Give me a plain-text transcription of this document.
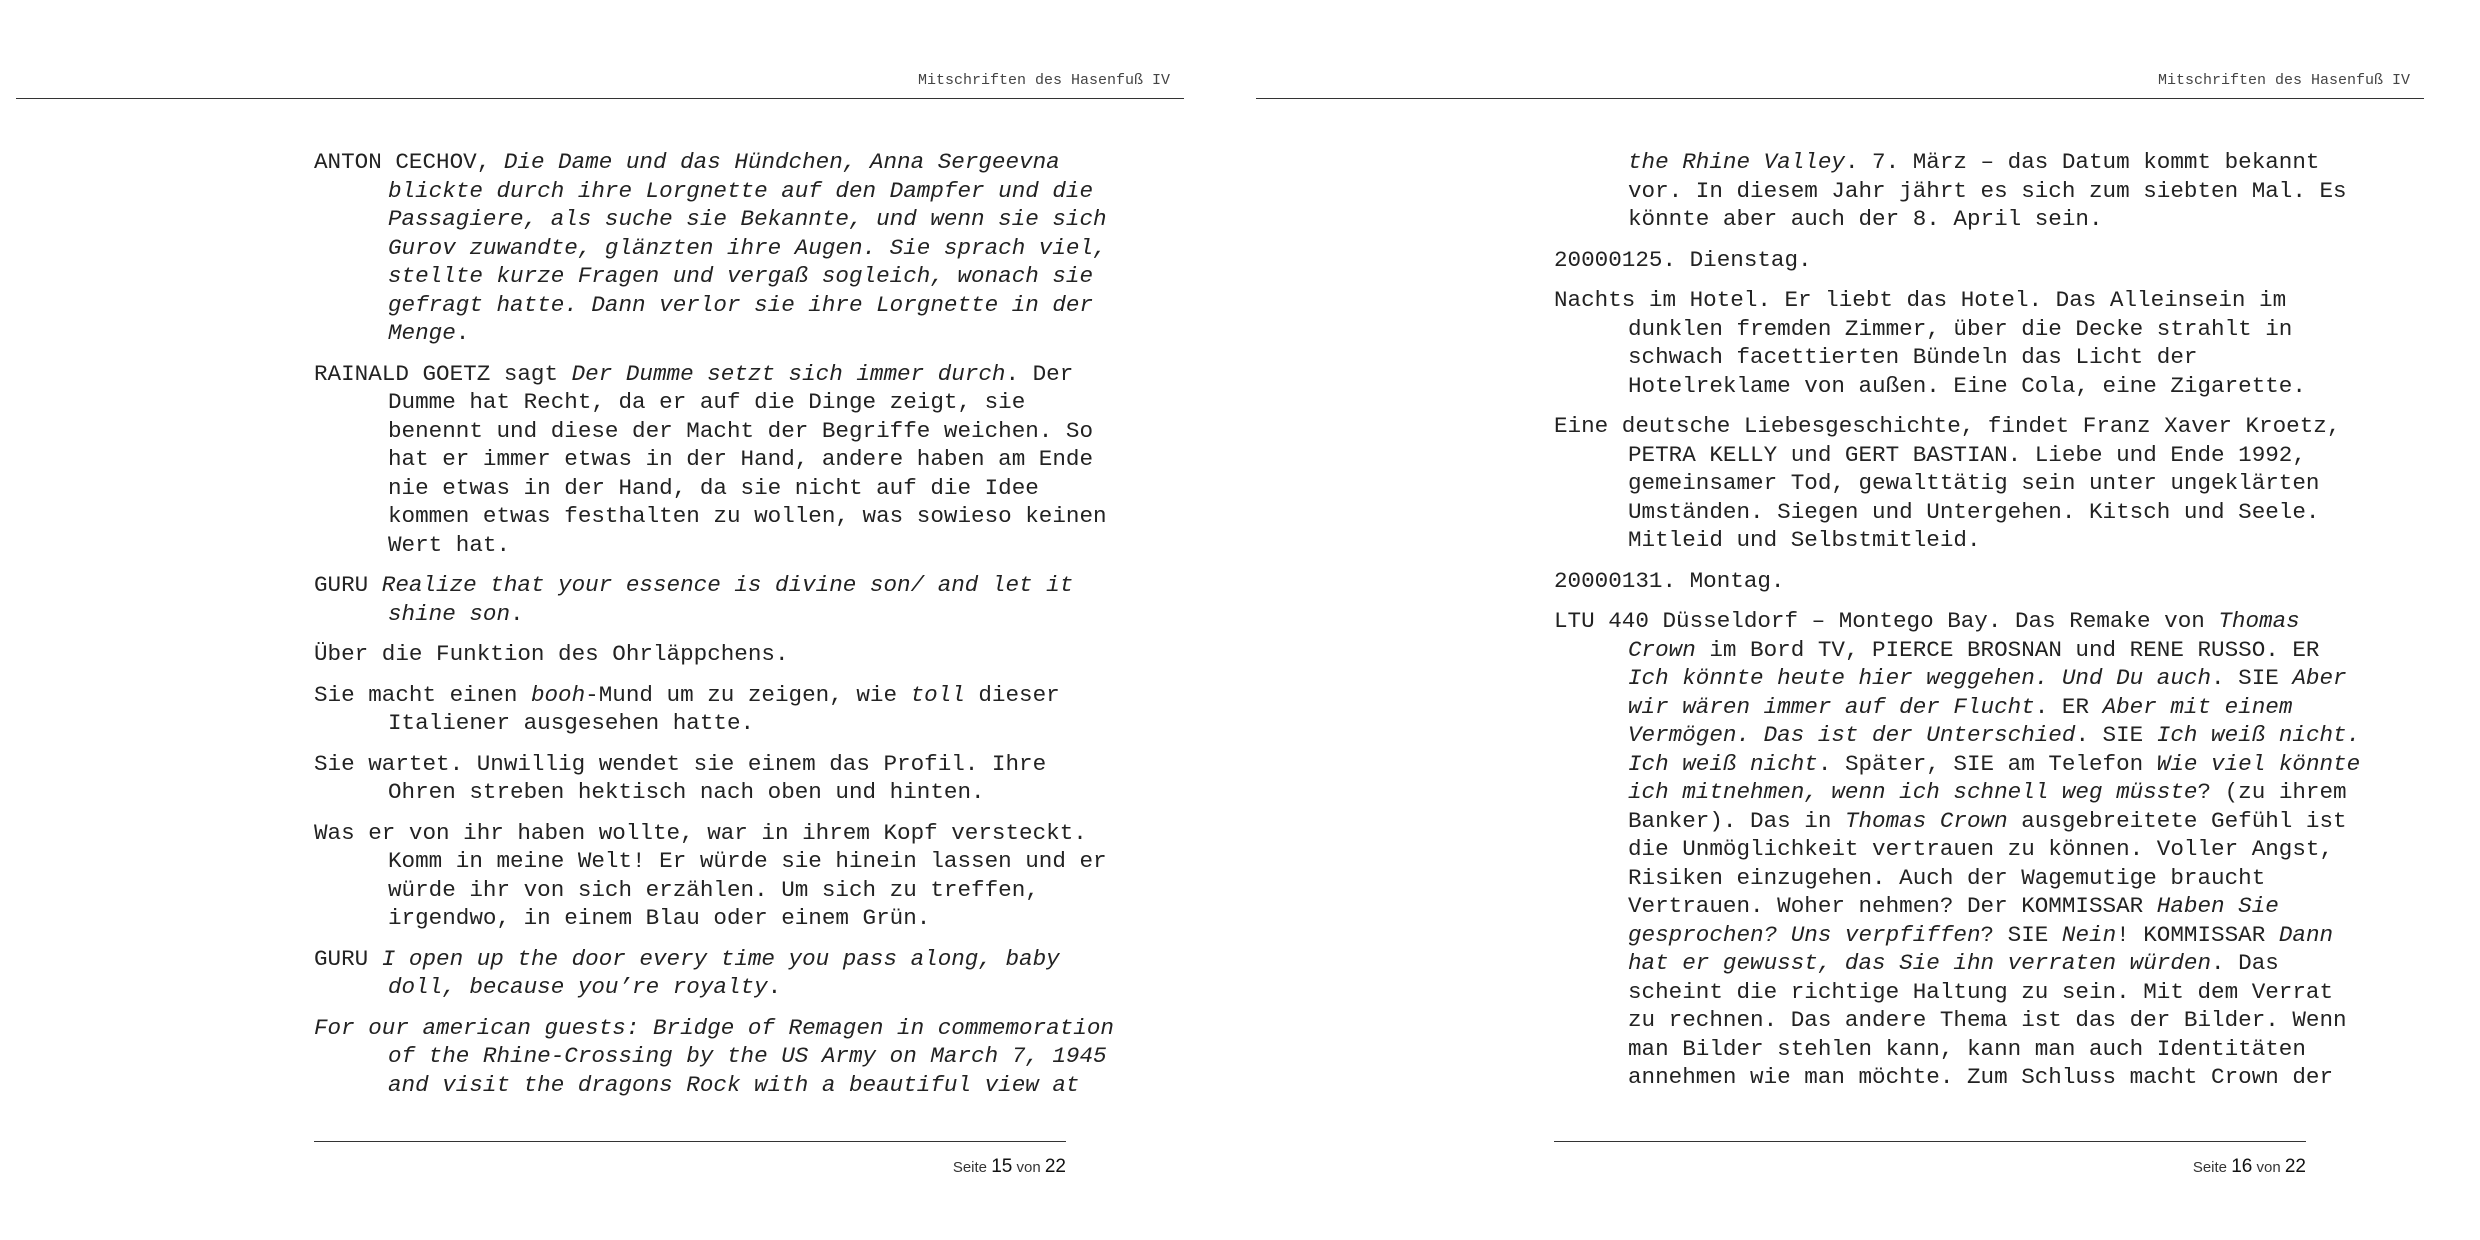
Mitschriften des Hasenfuß IV

ANTON CECHOV, Die Dame und das Hündchen, Anna Sergeevna blickte durch ihre Lorgnette auf den Dampfer und die Passagiere, als suche sie Bekannte, und wenn sie sich Gurov zuwandte, glänzten ihre Augen. Sie sprach viel, stellte kurze Fragen und vergaß sogleich, wonach sie gefragt hatte. Dann verlor sie ihre Lorgnette in der Menge.

RAINALD GOETZ sagt Der Dumme setzt sich immer durch. Der Dumme hat Recht, da er auf die Dinge zeigt, sie benennt und diese der Macht der Begriffe weichen. So hat er immer etwas in der Hand, andere haben am Ende nie etwas in der Hand, da sie nicht auf die Idee kommen etwas festhalten zu wollen, was sowieso keinen Wert hat.

GURU Realize that your essence is divine son/ and let it shine son.

Über die Funktion des Ohrläppchens.

Sie macht einen booh-Mund um zu zeigen, wie toll dieser Italiener ausgesehen hatte.

Sie wartet. Unwillig wendet sie einem das Profil. Ihre Ohren streben hektisch nach oben und hinten.

Was er von ihr haben wollte, war in ihrem Kopf versteckt. Komm in meine Welt! Er würde sie hinein lassen und er würde ihr von sich erzählen. Um sich zu treffen, irgendwo, in einem Blau oder einem Grün.

GURU I open up the door every time you pass along, baby doll, because you’re royalty.

For our american guests: Bridge of Remagen in commemoration of the Rhine-Crossing by the US Army on March 7, 1945 and visit the dragons Rock with a beautiful view at

Seite 15 von 22
Mitschriften des Hasenfuß IV

the Rhine Valley. 7. März – das Datum kommt bekannt vor. In diesem Jahr jährt es sich zum siebten Mal. Es könnte aber auch der 8. April sein.

20000125. Dienstag.

Nachts im Hotel. Er liebt das Hotel. Das Alleinsein im dunklen fremden Zimmer, über die Decke strahlt in schwach facettierten Bündeln das Licht der Hotelreklame von außen. Eine Cola, eine Zigarette.

Eine deutsche Liebesgeschichte, findet Franz Xaver Kroetz, PETRA KELLY und GERT BASTIAN. Liebe und Ende 1992, gemeinsamer Tod, gewalttätig sein unter ungeklärten Umständen. Siegen und Untergehen. Kitsch und Seele. Mitleid und Selbstmitleid.

20000131. Montag.

LTU 440 Düsseldorf – Montego Bay. Das Remake von Thomas Crown im Bord TV, PIERCE BROSNAN und RENE RUSSO. ER Ich könnte heute hier weggehen. Und Du auch. SIE Aber wir wären immer auf der Flucht. ER Aber mit einem Vermögen. Das ist der Unterschied. SIE Ich weiß nicht. Ich weiß nicht. Später, SIE am Telefon Wie viel könnte ich mitnehmen, wenn ich schnell weg müsste? (zu ihrem Banker). Das in Thomas Crown ausgebreitete Gefühl ist die Unmöglichkeit vertrauen zu können. Voller Angst, Risiken einzugehen. Auch der Wagemutige braucht Vertrauen. Woher nehmen? Der KOMMISSAR Haben Sie gesprochen? Uns verpfiffen? SIE Nein! KOMMISSAR Dann hat er gewusst, das Sie ihn verraten würden. Das scheint die richtige Haltung zu sein. Mit dem Verrat zu rechnen. Das andere Thema ist das der Bilder. Wenn man Bilder stehlen kann, kann man auch Identitäten annehmen wie man möchte. Zum Schluss macht Crown der

Seite 16 von 22
